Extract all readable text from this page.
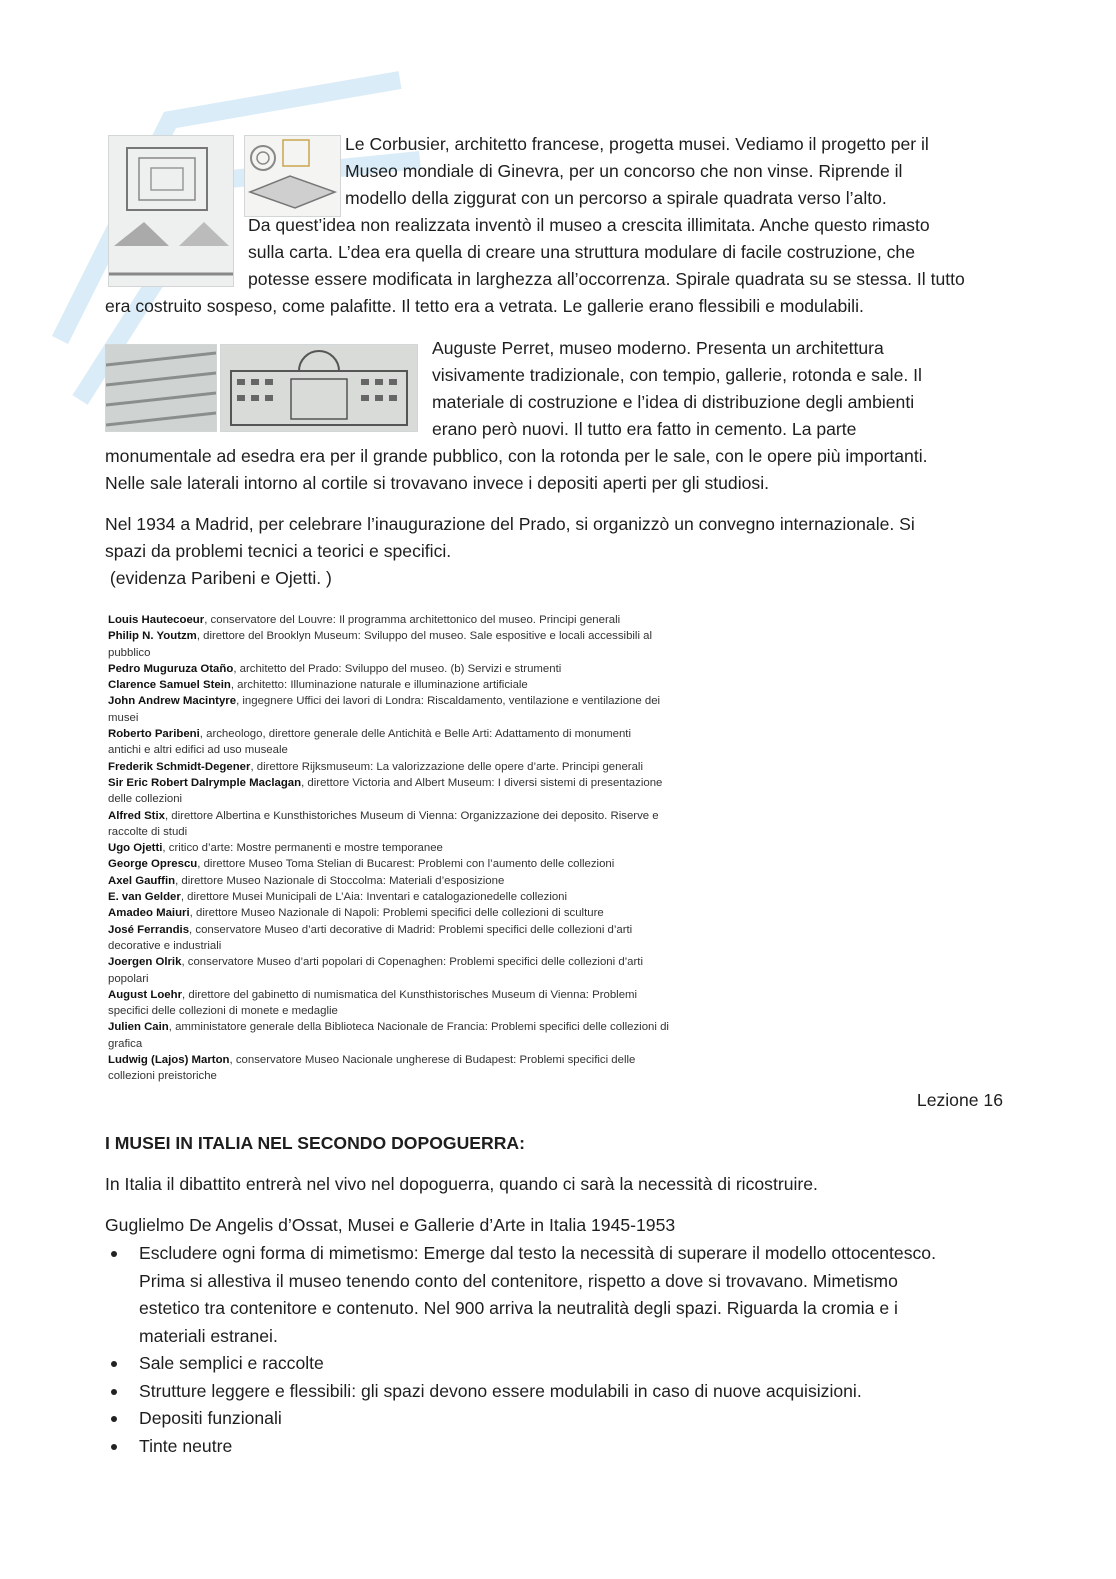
Le Corbusier, architetto francese, progetta musei. Vediamo il progetto per il

Museo mondiale di Ginevra, per un concorso che non vinse. Riprende il

modello della ziggurat con un percorso a spirale quadrata verso l’alto.

Da quest’idea non realizzata inventò il museo a crescita illimitata. Anche questo rimasto

sulla carta. L’dea era quella di creare una struttura modulare di facile costruzione, che

potesse essere modificata in larghezza all’occorrenza. Spirale quadrata su se stessa. Il tutto

era costruito sospeso, come palafitte. Il tetto era a vetrata. Le gallerie erano flessibili e modulabili.

Auguste Perret, museo moderno. Presenta un architettura

visivamente tradizionale, con tempio, gallerie, rotonda e sale. Il

materiale di costruzione e l’idea di distribuzione degli ambienti

erano però nuovi. Il tutto era fatto in cemento. La parte

monumentale ad esedra era per il grande pubblico, con la rotonda per le sale, con le opere più importanti.

Nelle sale laterali intorno al cortile si trovavano invece i depositi aperti per gli studiosi.

Nel 1934 a Madrid, per celebrare l’inaugurazione del Prado, si organizzò un convegno internazionale. Si

spazi da problemi tecnici a teorici e specifici.

(evidenza Paribeni e Ojetti. )

Louis Hautecoeur, conservatore del Louvre: Il programma architettonico del museo. Principi generali
Philip N. Youtzm, direttore del Brooklyn Museum: Sviluppo del museo. Sale espositive e locali accessibili al
pubblico
Pedro Muguruza Otaño, architetto del Prado: Sviluppo del museo. (b) Servizi e strumenti
Clarence Samuel Stein, architetto: Illuminazione naturale e illuminazione artificiale
John Andrew Macintyre, ingegnere Uffici dei lavori di Londra: Riscaldamento, ventilazione e ventilazione dei
musei
Roberto Paribeni, archeologo, direttore generale delle Antichità e Belle Arti: Adattamento di monumenti
antichi e altri edifici ad uso museale
Frederik Schmidt-Degener, direttore Rijksmuseum: La valorizzazione delle opere d’arte. Principi generali
Sir Eric Robert Dalrymple Maclagan, direttore Victoria and Albert Museum: I diversi sistemi di presentazione
delle collezioni
Alfred Stix, direttore Albertina e Kunsthistoriches Museum di Vienna: Organizzazione dei deposito. Riserve e
raccolte di studi
Ugo Ojetti, critico d’arte: Mostre permanenti e mostre temporanee
George Oprescu, direttore Museo Toma Stelian di Bucarest: Problemi con l’aumento delle collezioni
Axel Gauffin, direttore Museo Nazionale di Stoccolma: Materiali d’esposizione
E. van Gelder, direttore Musei Municipali de L’Aia: Inventari e catalogazionedelle collezioni
Amadeo Maiuri, direttore Museo Nazionale di Napoli: Problemi specifici delle collezioni di sculture
José Ferrandis, conservatore Museo d’arti decorative di Madrid: Problemi specifici delle collezioni d’arti
decorative e industriali
Joergen Olrik, conservatore Museo d’arti popolari di Copenaghen: Problemi specifici delle collezioni d’arti
popolari
August Loehr, direttore del gabinetto di numismatica del Kunsthistorisches Museum di Vienna: Problemi
specifici delle collezioni di monete e medaglie
Julien Cain, amministatore generale della Biblioteca Nacionale de Francia: Problemi specifici delle collezioni di
grafica
Ludwig (Lajos) Marton, conservatore Museo Nacionale ungherese di Budapest: Problemi specifici delle
collezioni preistoriche

Lezione 16

I MUSEI IN ITALIA NEL SECONDO DOPOGUERRA:

In Italia il dibattito entrerà nel vivo nel dopoguerra, quando ci sarà la necessità di ricostruire.

Guglielmo De Angelis d’Ossat, Musei e Gallerie d’Arte in Italia 1945-1953

Escludere ogni forma di mimetismo: Emerge dal testo la necessità di superare il modello ottocentesco.
Prima si allestiva il museo tenendo conto del contenitore, rispetto a dove si trovavano. Mimetismo
estetico tra contenitore e contenuto. Nel 900 arriva la neutralità degli spazi. Riguarda la cromia e i
materiali estranei.
Sale semplici e raccolte
Strutture leggere e flessibili: gli spazi devono essere modulabili in caso di nuove acquisizioni.
Depositi funzionali
Tinte neutre
